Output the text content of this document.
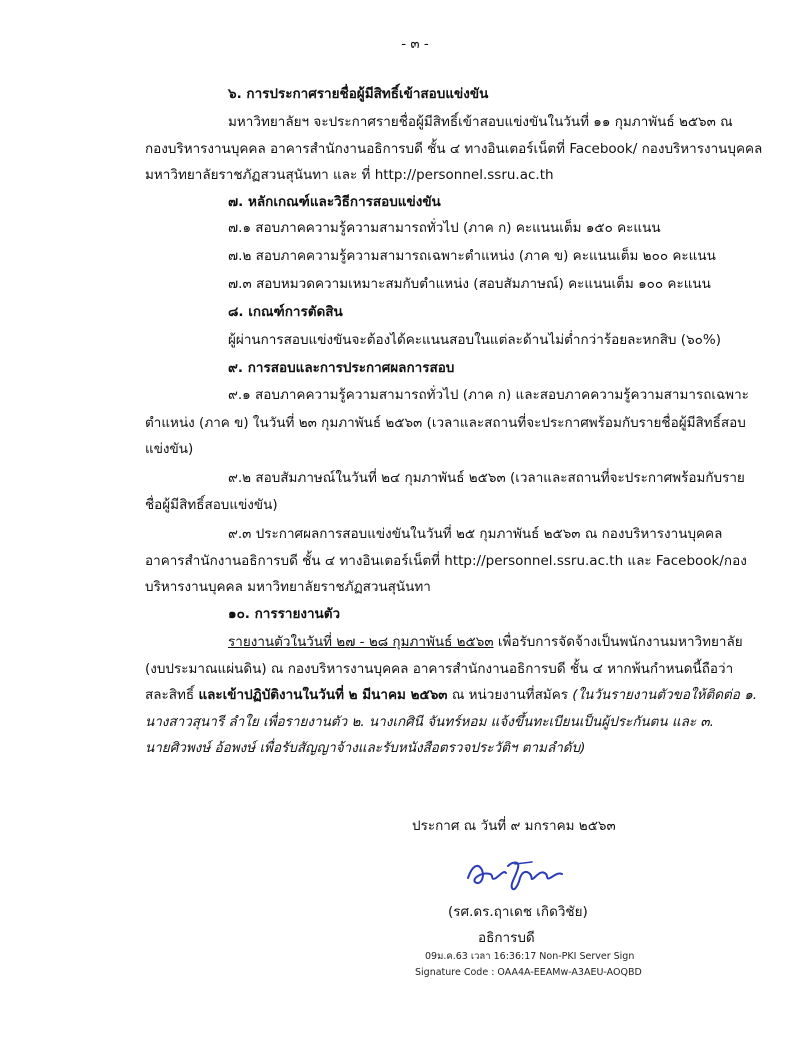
- ๓ -
๖. การประกาศรายชื่อผู้มีสิทธิ์เข้าสอบแข่งขัน
มหาวิทยาลัยฯ จะประกาศรายชื่อผู้มีสิทธิ์เข้าสอบแข่งขันในวันที่ ๑๑ กุมภาพันธ์ ๒๕๖๓ ณ
กองบริหารงานบุคคล อาคารสำนักงานอธิการบดี ชั้น ๔ ทางอินเตอร์เน็ตที่ Facebook/ กองบริหารงานบุคคล
มหาวิทยาลัยราชภัฏสวนสุนันทา และ ที่ http://personnel.ssru.ac.th
๗. หลักเกณฑ์และวิธีการสอบแข่งขัน
๗.๑ สอบภาคความรู้ความสามารถทั่วไป (ภาค ก) คะแนนเต็ม ๑๕๐ คะแนน
๗.๒ สอบภาคความรู้ความสามารถเฉพาะตำแหน่ง (ภาค ข) คะแนนเต็ม ๒๐๐ คะแนน
๗.๓ สอบหมวดความเหมาะสมกับตำแหน่ง (สอบสัมภาษณ์) คะแนนเต็ม ๑๐๐ คะแนน
๘. เกณฑ์การตัดสิน
ผู้ผ่านการสอบแข่งขันจะต้องได้คะแนนสอบในแต่ละด้านไม่ต่ำกว่าร้อยละหกสิบ (๖๐%)
๙. การสอบและการประกาศผลการสอบ
๙.๑ สอบภาคความรู้ความสามารถทั่วไป (ภาค ก) และสอบภาคความรู้ความสามารถเฉพาะ
ตำแหน่ง (ภาค ข) ในวันที่ ๒๓ กุมภาพันธ์ ๒๕๖๓ (เวลาและสถานที่จะประกาศพร้อมกับรายชื่อผู้มีสิทธิ์สอบ
แข่งขัน)
๙.๒ สอบสัมภาษณ์ในวันที่ ๒๔ กุมภาพันธ์ ๒๕๖๓ (เวลาและสถานที่จะประกาศพร้อมกับราย
ชื่อผู้มีสิทธิ์สอบแข่งขัน)
๙.๓ ประกาศผลการสอบแข่งขันในวันที่ ๒๕ กุมภาพันธ์ ๒๕๖๓ ณ กองบริหารงานบุคคล
อาคารสำนักงานอธิการบดี ชั้น ๔ ทางอินเตอร์เน็ตที่ http://personnel.ssru.ac.th และ Facebook/กอง
บริหารงานบุคคล มหาวิทยาลัยราชภัฏสวนสุนันทา
๑๐. การรายงานตัว
รายงานตัวในวันที่ ๒๗ - ๒๘ กุมภาพันธ์ ๒๕๖๓ เพื่อรับการจัดจ้างเป็นพนักงานมหาวิทยาลัย
(งบประมาณแผ่นดิน) ณ กองบริหารงานบุคคล อาคารสำนักงานอธิการบดี ชั้น ๔ หากพ้นกำหนดนี้ถือว่า
สละสิทธิ์ และเข้าปฏิบัติงานในวันที่ ๒ มีนาคม ๒๕๖๓ ณ หน่วยงานที่สมัคร (ในวันรายงานตัวขอให้ติดต่อ ๑.
นางสาวสุนารี ลำใย เพื่อรายงานตัว ๒. นางเกศินี จันทร์หอม แจ้งขึ้นทะเบียนเป็นผู้ประกันตน และ ๓.
นายศิวพงษ์ อ้อพงษ์ เพื่อรับสัญญาจ้างและรับหนังสือตรวจประวัติฯ ตามลำดับ)
ประกาศ ณ วันที่ ๙ มกราคม ๒๕๖๓
(รศ.ดร.ฤาเดช เกิดวิชัย)
อธิการบดี
09ม.ค.63 เวลา 16:36:17 Non-PKI Server Sign
Signature Code : OAA4A-EEAMw-A3AEU-AOQBD
